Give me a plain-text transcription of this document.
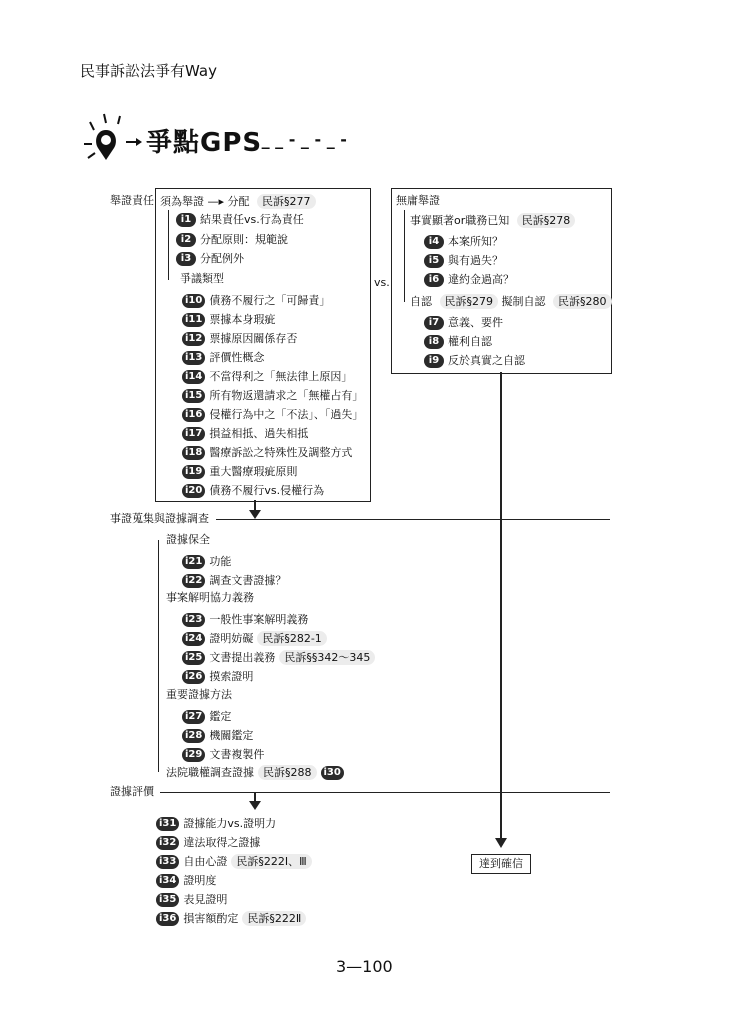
民事訴訟法爭有Way
爭點GPS
_ _ _ - _ - _ -
舉證責任 須為舉證 —▸ 分配 民訴§277
i1 結果責任vs.行為責任
i2 分配原則：規範說
i3 分配例外
爭議類型
i10 債務不履行之「可歸責」
i11 票據本身瑕疵
i12 票據原因關係存否
i13 評價性概念
i14 不當得利之「無法律上原因」
i15 所有物返還請求之「無權占有」
i16 侵權行為中之「不法」、「過失」
i17 損益相抵、過失相抵
i18 醫療訴訟之特殊性及調整方式
i19 重大醫療瑕疵原則
i20 債務不履行vs.侵權行為
vs.
無庸舉證
事實顯著or職務已知 民訴§278
i4 本案所知？
i5 與有過失？
i6 違約金過高？
自認 民訴§279 擬制自認 民訴§280
i7 意義、要件
i8 權利自認
i9 反於真實之自認
事證蒐集與證據調查
證據保全
i21 功能
i22 調查文書證據？
事案解明協力義務
i23 一般性事案解明義務
i24 證明妨礙 民訴§282-1
i25 文書提出義務 民訴§§342～345
i26 摸索證明
重要證據方法
i27 鑑定
i28 機關鑑定
i29 文書複製件
法院職權調查證據 民訴§288	i30
證據評價
i31 證據能力vs.證明力
i32 違法取得之證據
i33 自由心證 民訴§222Ⅰ、Ⅲ
i34 證明度
i35 表見證明
i36 損害額酌定 民訴§222Ⅱ
達到確信
3—100
